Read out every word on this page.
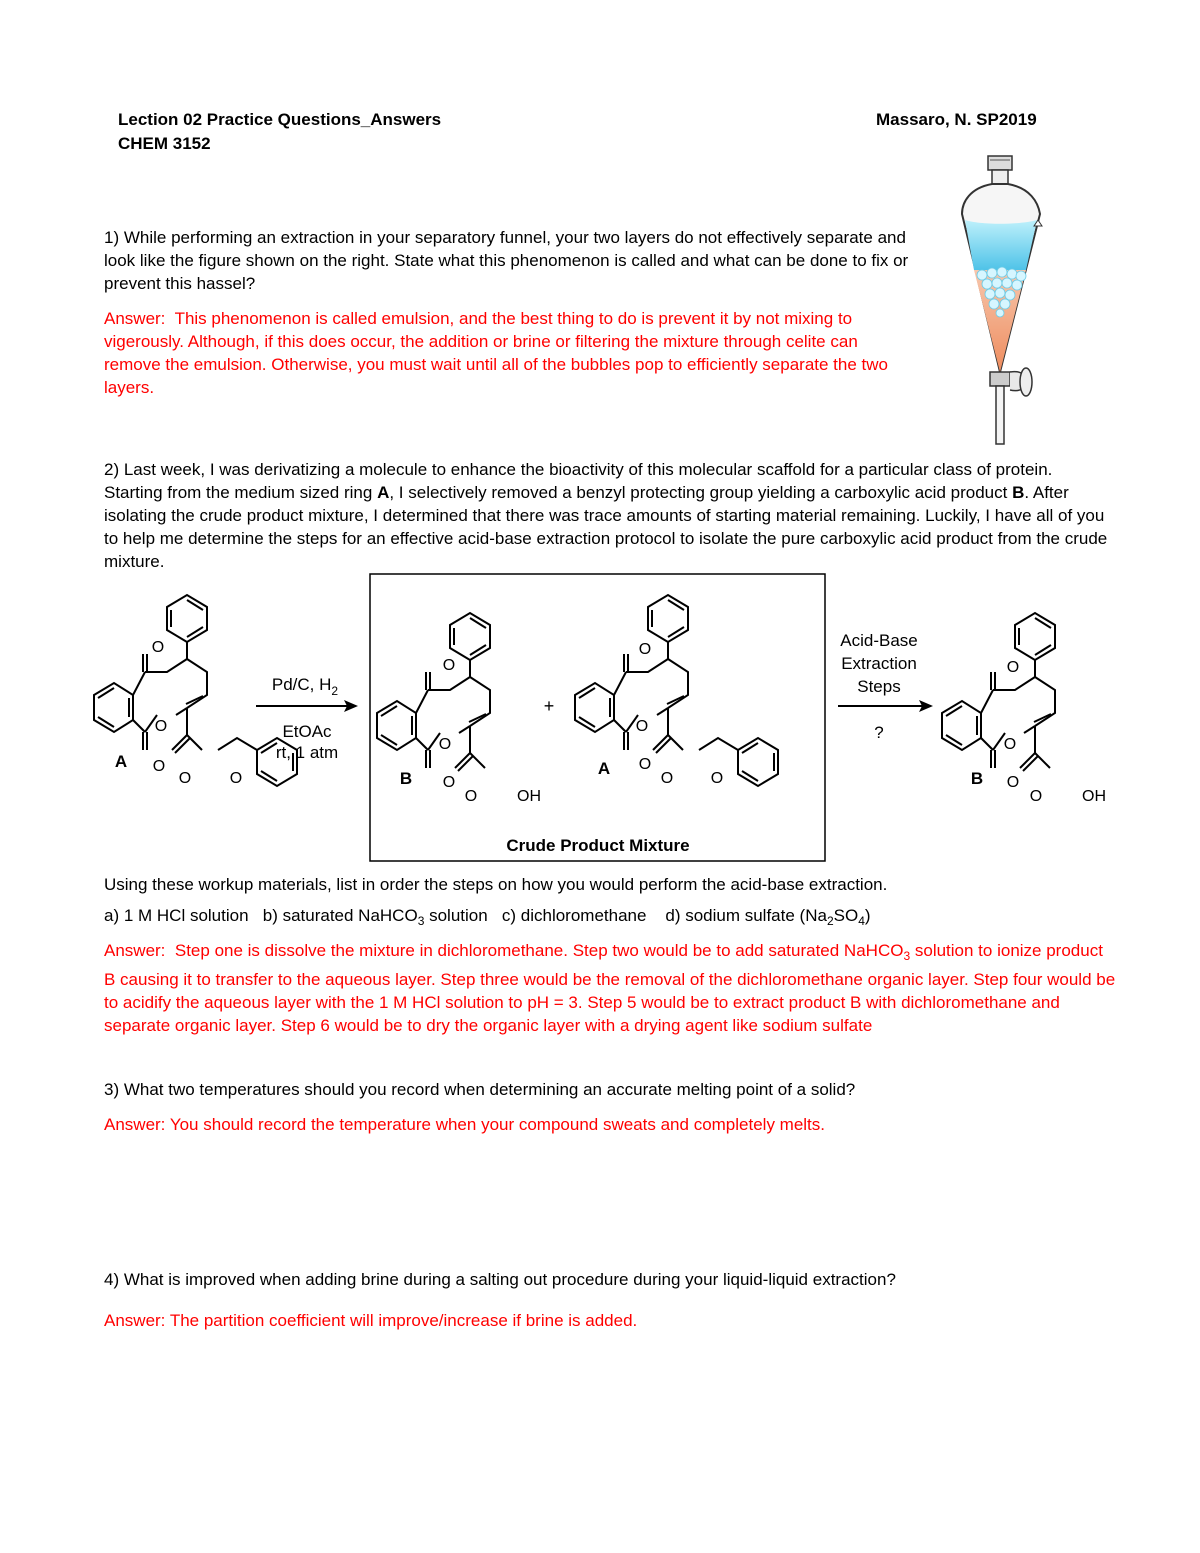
Lection 02 Practice Questions_Answers
CHEM 3152
Massaro, N. SP2019
1) While performing an extraction in your separatory funnel, your two layers do not effectively separate and look like the figure shown on the right. State what this phenomenon is called and what can be done to fix or prevent this hassel?
Answer: This phenomenon is called emulsion, and the best thing to do is prevent it by not mixing to vigerously. Although, if this does occur, the addition or brine or filtering the mixture through celite can remove the emulsion. Otherwise, you must wait until all of the bubbles pop to efficiently separate the two layers.
2) Last week, I was derivatizing a molecule to enhance the bioactivity of this molecular scaffold for a particular class of protein. Starting from the medium sized ring A, I selectively removed a benzyl protecting group yielding a carboxylic acid product B. After isolating the crude product mixture, I determined that there was trace amounts of starting material remaining. Luckily, I have all of you to help me determine the steps for an effective acid-base extraction protocol to isolate the pure carboxylic acid product from the crude mixture.
O
O
O
O O
A
Pd/C, $H_2$
EtOAc
rt, 1 atm
O
O
O
O OH
B
+
O
O
O
O O
A
Crude Product Mixture
Acid-Base
Extraction
Steps
?
O
O
O
O OH
B
Using these workup materials, list in order the steps on how you would perform the acid-base extraction.
a) 1 M HCl solution b) saturated NaHCO$_3$ solution c) dichloromethane d) sodium sulfate $(Na_2SO_4)$
Answer: Step one is dissolve the mixture in dichloromethane. Step two would be to add saturated NaHCO$_3$ solution to ionize product B causing it to transfer to the aqueous layer. Step three would be the removal of the dichloromethane organic layer. Step four would be to acidify the aqueous layer with the 1 M HCl solution to pH = 3. Step 5 would be to extract product B with dichloromethane and separate organic layer. Step 6 would be to dry the organic layer with a drying agent like sodium sulfate
3) What two temperatures should you record when determining an accurate melting point of a solid?
Answer: You should record the temperature when your compound sweats and completely melts.
4) What is improved when adding brine during a salting out procedure during your liquid-liquid extraction?
Answer: The partition coefficient will improve/increase if brine is added.
